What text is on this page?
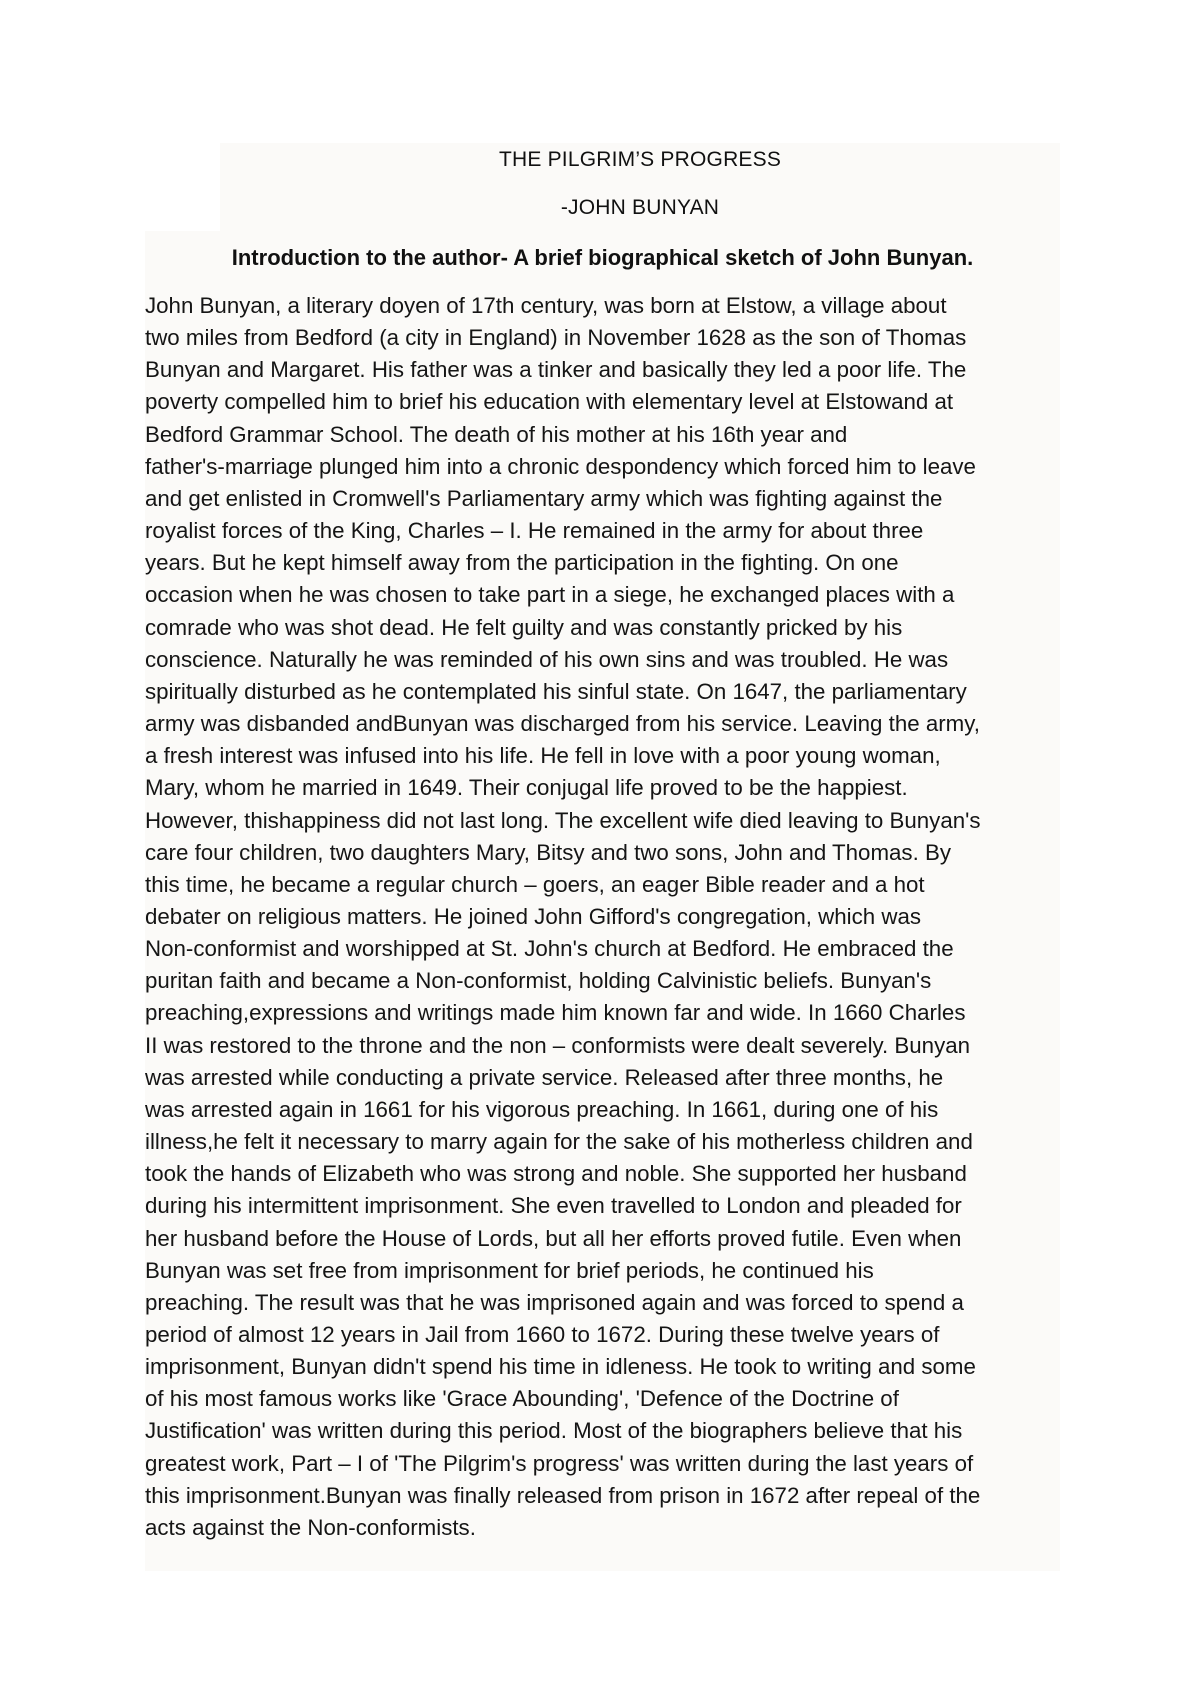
THE PILGRIM’S PROGRESS
-JOHN BUNYAN
Introduction to the author- A brief biographical sketch of John Bunyan.
John Bunyan, a literary doyen of 17th century, was born at Elstow, a village about
two miles from Bedford (a city in England) in November 1628 as the son of Thomas
Bunyan and Margaret. His father was a tinker and basically they led a poor life. The
poverty compelled him to brief his education with elementary level at Elstowand at
Bedford Grammar School. The death of his mother at his 16th year and
father's-marriage plunged him into a chronic despondency which forced him to leave
and get enlisted in Cromwell's Parliamentary army which was fighting against the
royalist forces of the King, Charles – I. He remained in the army for about three
years. But he kept himself away from the participation in the fighting. On one
occasion when he was chosen to take part in a siege, he exchanged places with a
comrade who was shot dead. He felt guilty and was constantly pricked by his
conscience. Naturally he was reminded of his own sins and was troubled. He was
spiritually disturbed as he contemplated his sinful state. On 1647, the parliamentary
army was disbanded andBunyan was discharged from his service. Leaving the army,
a fresh interest was infused into his life. He fell in love with a poor young woman,
Mary, whom he married in 1649. Their conjugal life proved to be the happiest.
However, thishappiness did not last long. The excellent wife died leaving to Bunyan's
care four children, two daughters Mary, Bitsy and two sons, John and Thomas. By
this time, he became a regular church – goers, an eager Bible reader and a hot
debater on religious matters. He joined John Gifford's congregation, which was
Non-conformist and worshipped at St. John's church at Bedford. He embraced the
puritan faith and became a Non-conformist, holding Calvinistic beliefs. Bunyan's
preaching,expressions and writings made him known far and wide. In 1660 Charles
II was restored to the throne and the non – conformists were dealt severely. Bunyan
was arrested while conducting a private service. Released after three months, he
was arrested again in 1661 for his vigorous preaching. In 1661, during one of his
illness,he felt it necessary to marry again for the sake of his motherless children and
took the hands of Elizabeth who was strong and noble. She supported her husband
during his intermittent imprisonment. She even travelled to London and pleaded for
her husband before the House of Lords, but all her efforts proved futile. Even when
Bunyan was set free from imprisonment for brief periods, he continued his
preaching. The result was that he was imprisoned again and was forced to spend a
period of almost 12 years in Jail from 1660 to 1672. During these twelve years of
imprisonment, Bunyan didn't spend his time in idleness. He took to writing and some
of his most famous works like 'Grace Abounding', 'Defence of the Doctrine of
Justification' was written during this period. Most of the biographers believe that his
greatest work, Part – I of 'The Pilgrim's progress' was written during the last years of
this imprisonment.Bunyan was finally released from prison in 1672 after repeal of the
acts against the Non-conformists.
